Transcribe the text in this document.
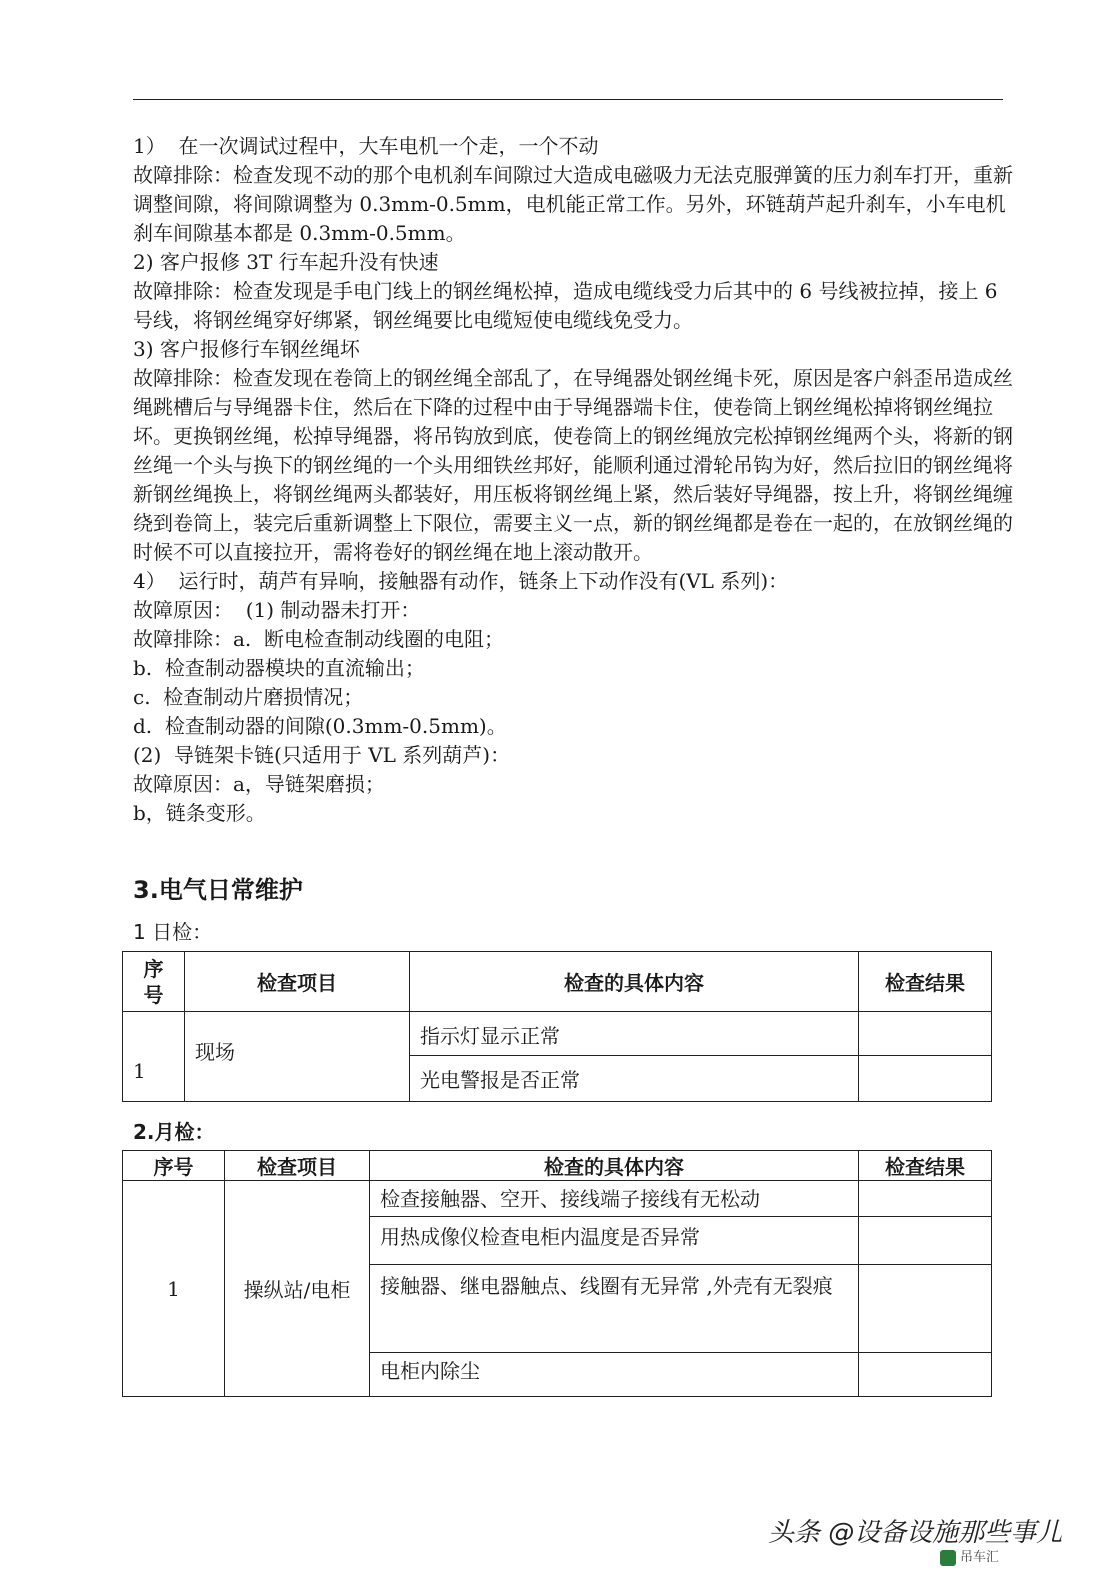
1）  在一次调试过程中，大车电机一个走，一个不动

故障排除：检查发现不动的那个电机刹车间隙过大造成电磁吸力无法克服弹簧的压力刹车打开，重新调整间隙，将间隙调整为 0.3mm-0.5mm，电机能正常工作。另外，环链葫芦起升刹车，小车电机刹车间隙基本都是 0.3mm-0.5mm。

2) 客户报修 3T 行车起升没有快速

故障排除：检查发现是手电门线上的钢丝绳松掉，造成电缆线受力后其中的 6 号线被拉掉，接上 6 号线，将钢丝绳穿好绑紧，钢丝绳要比电缆短使电缆线免受力。

3) 客户报修行车钢丝绳坏

故障排除：检查发现在卷筒上的钢丝绳全部乱了，在导绳器处钢丝绳卡死，原因是客户斜歪吊造成丝绳跳槽后与导绳器卡住，然后在下降的过程中由于导绳器端卡住，使卷筒上钢丝绳松掉将钢丝绳拉坏。更换钢丝绳，松掉导绳器，将吊钩放到底，使卷筒上的钢丝绳放完松掉钢丝绳两个头，将新的钢丝绳一个头与换下的钢丝绳的一个头用细铁丝邦好，能顺利通过滑轮吊钩为好，然后拉旧的钢丝绳将新钢丝绳换上，将钢丝绳两头都装好，用压板将钢丝绳上紧，然后装好导绳器，按上升，将钢丝绳缠绕到卷筒上，装完后重新调整上下限位，需要主义一点，新的钢丝绳都是卷在一起的，在放钢丝绳的时候不可以直接拉开，需将卷好的钢丝绳在地上滚动散开。

4）  运行时，葫芦有异响，接触器有动作，链条上下动作没有(VL 系列)：

故障原因：  (1) 制动器未打开：

故障排除：a.  断电检查制动线圈的电阻；

b.  检查制动器模块的直流输出；

c.  检查制动片磨损情况；

d.  检查制动器的间隙(0.3mm-0.5mm)。

(2)  导链架卡链(只适用于 VL 系列葫芦)：

故障原因：a，导链架磨损；

b，链条变形。

3.电气日常维护

1 日检：

序号	检查项目	检查的具体内容	检查结果
1	现场	指示灯显示正常	
		光电警报是否正常	

2.月检：

序号	检查项目	检查的具体内容	检查结果
1	操纵站/电柜	检查接触器、空开、接线端子接线有无松动	
		用热成像仪检查电柜内温度是否异常	
		接触器、继电器触点、线圈有无异常 ,外壳有无裂痕	
		电柜内除尘	
头条 @设备设施那些事儿
吊车汇
